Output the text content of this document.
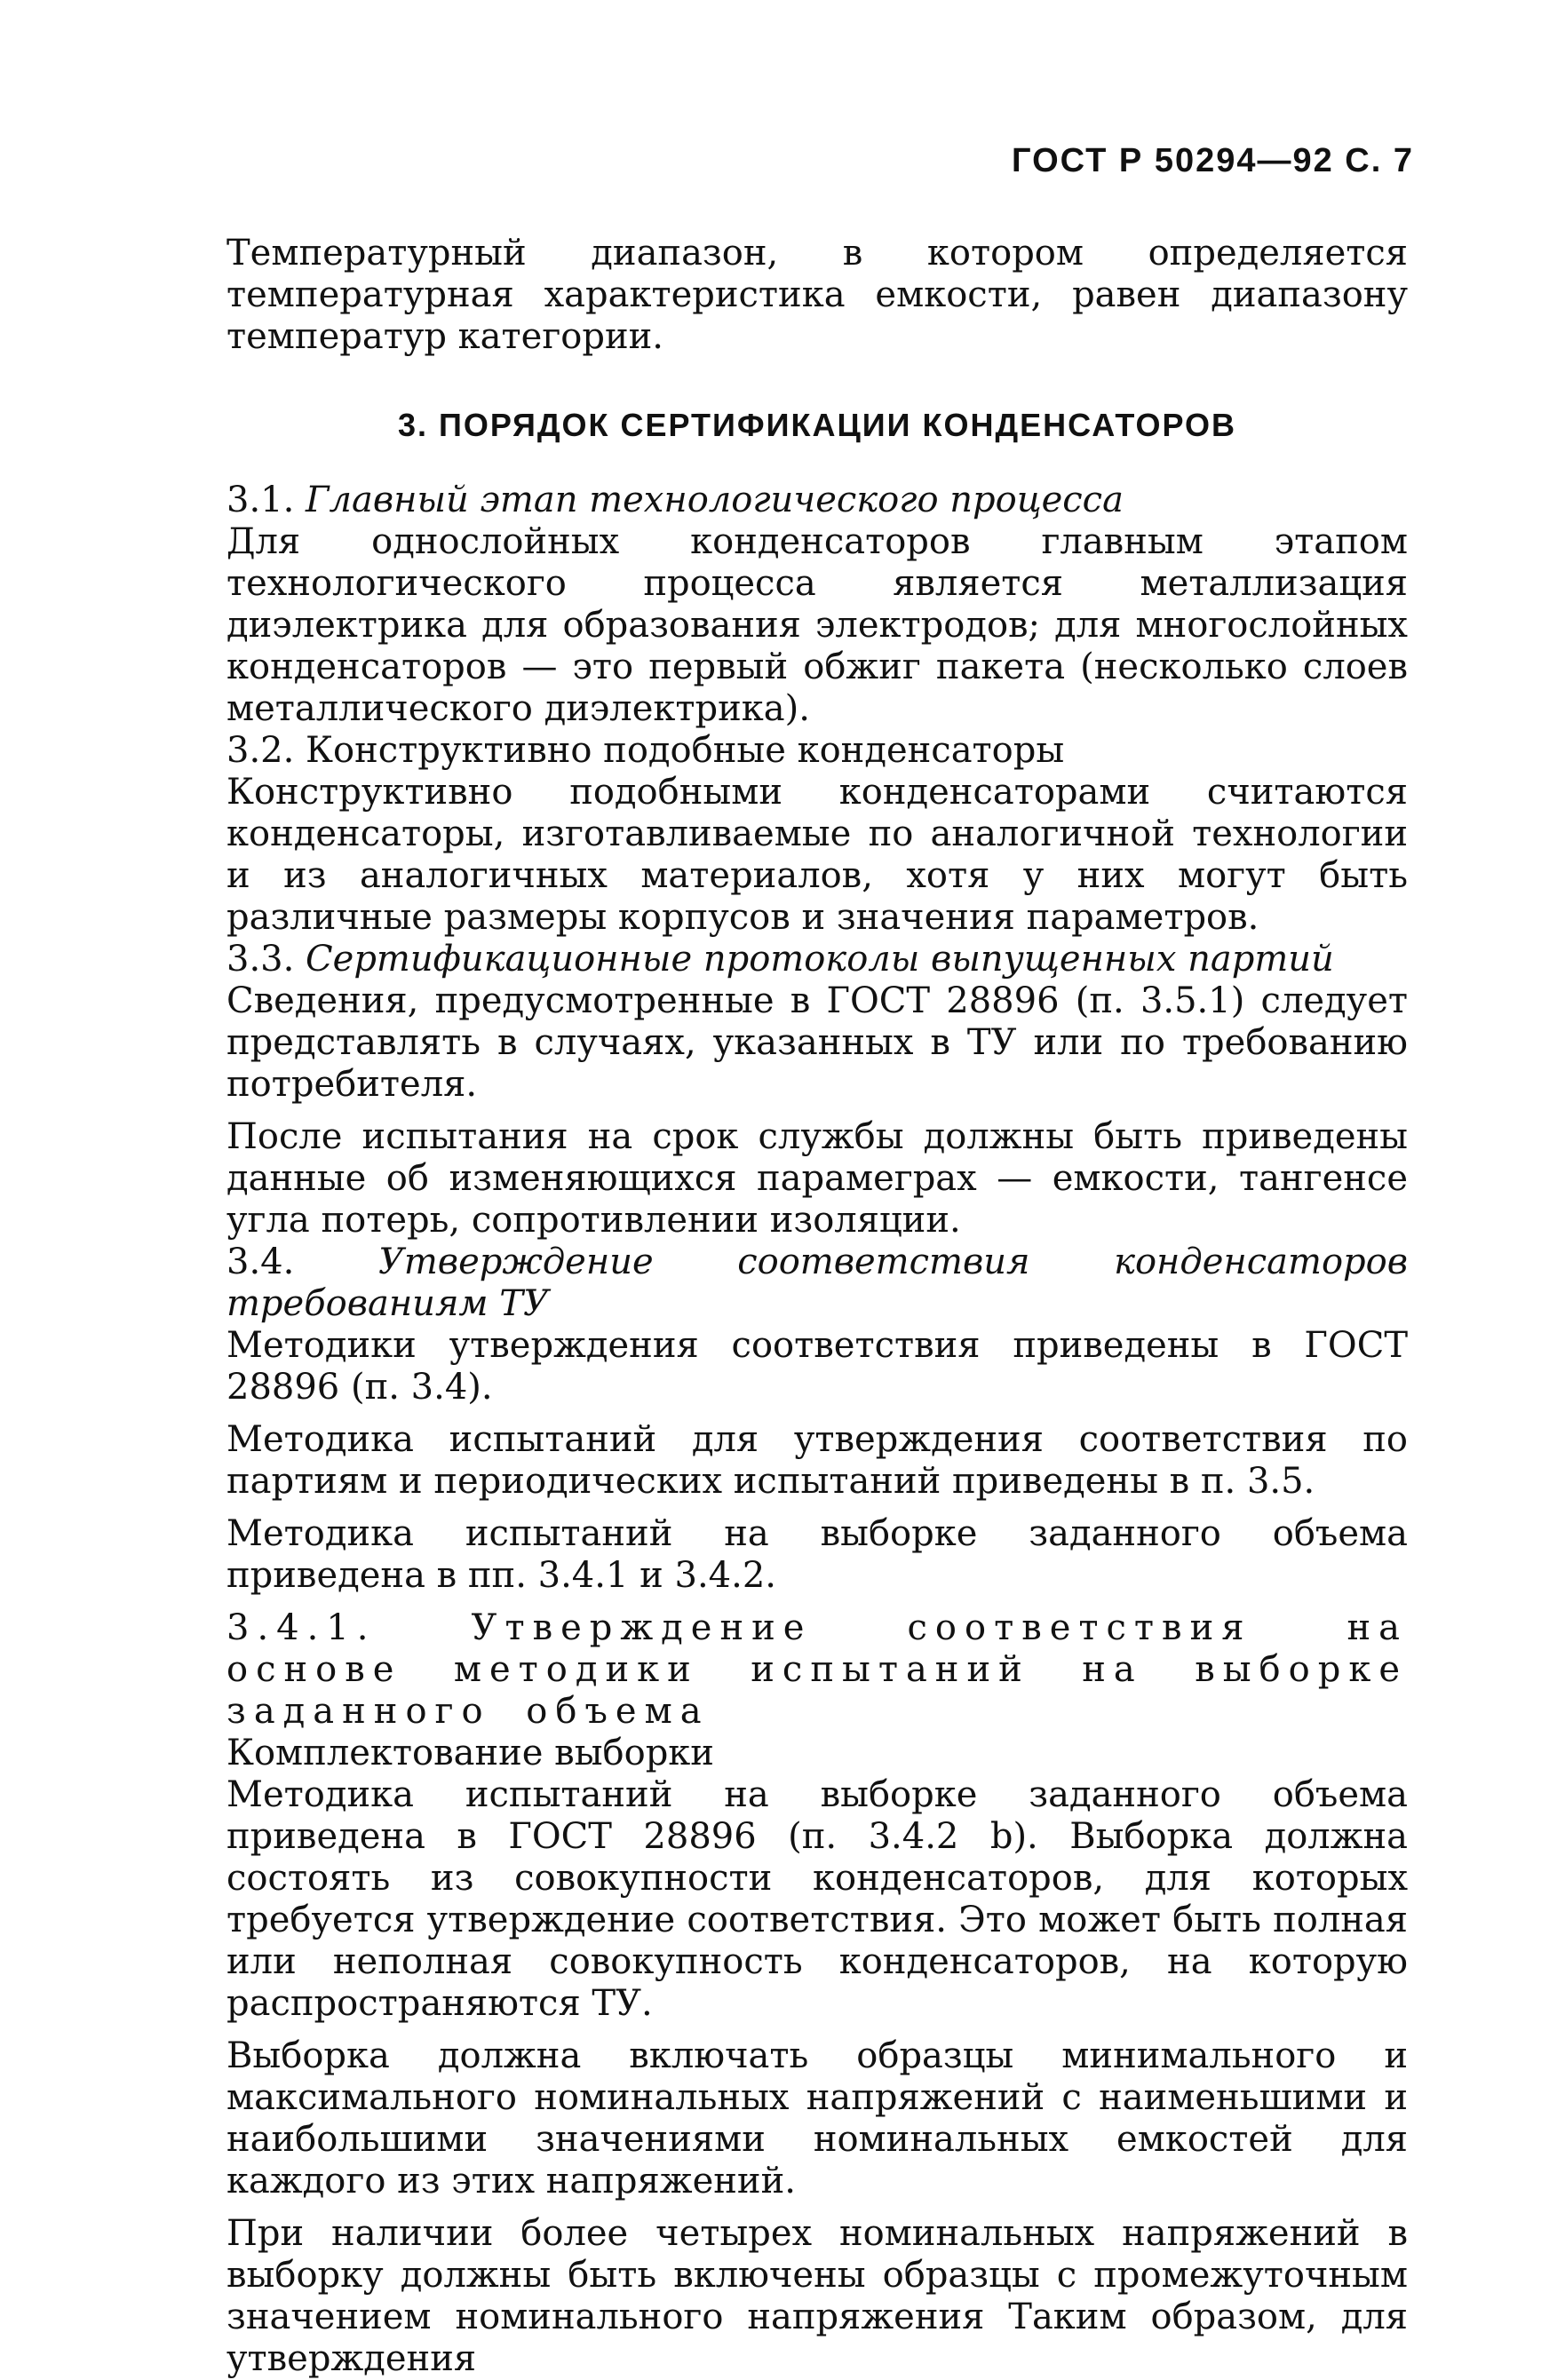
ГОСТ Р 50294—92 С. 7

Температурный диапазон, в котором определяется температурная характеристика емкости, равен диапазону температур категории.

3. ПОРЯДОК СЕРТИФИКАЦИИ КОНДЕНСАТОРОВ

3.1. Главный этап технологического процесса

Для однослойных конденсаторов главным этапом технологического процесса является металлизация диэлектрика для образования электродов; для многослойных конденсаторов — это первый обжиг пакета (несколько слоев металлического диэлектрика).

3.2. Конструктивно подобные конденсаторы

Конструктивно подобными конденсаторами считаются конденсаторы, изготавливаемые по аналогичной технологии и из аналогичных материалов, хотя у них могут быть различные размеры корпусов и значения параметров.

3.3. Сертификационные протоколы выпущенных партий

Сведения, предусмотренные в ГОСТ 28896 (п. 3.5.1) следует представлять в случаях, указанных в ТУ или по требованию потребителя.

После испытания на срок службы должны быть приведены данные об изменяющихся парамеграх — емкости, тангенсе угла потерь, сопротивлении изоляции.

3.4. Утверждение соответствия конденсаторов требованиям ТУ

Методики утверждения соответствия приведены в ГОСТ 28896 (п. 3.4).

Методика испытаний для утверждения соответствия по партиям и периодических испытаний приведены в п. 3.5.

Методика испытаний на выборке заданного объема приведена в пп. 3.4.1 и 3.4.2.

3.4.1.	Утверждение соответствия на основе методики испытаний на выборке заданного объема

Комплектование выборки

Методика испытаний на выборке заданного объема приведена в ГОСТ 28896 (п. 3.4.2 b). Выборка должна состоять из совокупности конденсаторов, для которых требуется утверждение соответствия. Это может быть полная или неполная совокупность конденсаторов, на которую распространяются ТУ.

Выборка должна включать образцы минимального и максимального номинальных напряжений с наименьшими и наибольшими значениями номинальных емкостей для каждого из этих напряжений.

При наличии более четырех номинальных напряжений в выборку должны быть включены образцы с промежуточным значением номинального напряжения Таким образом, для утверждения
